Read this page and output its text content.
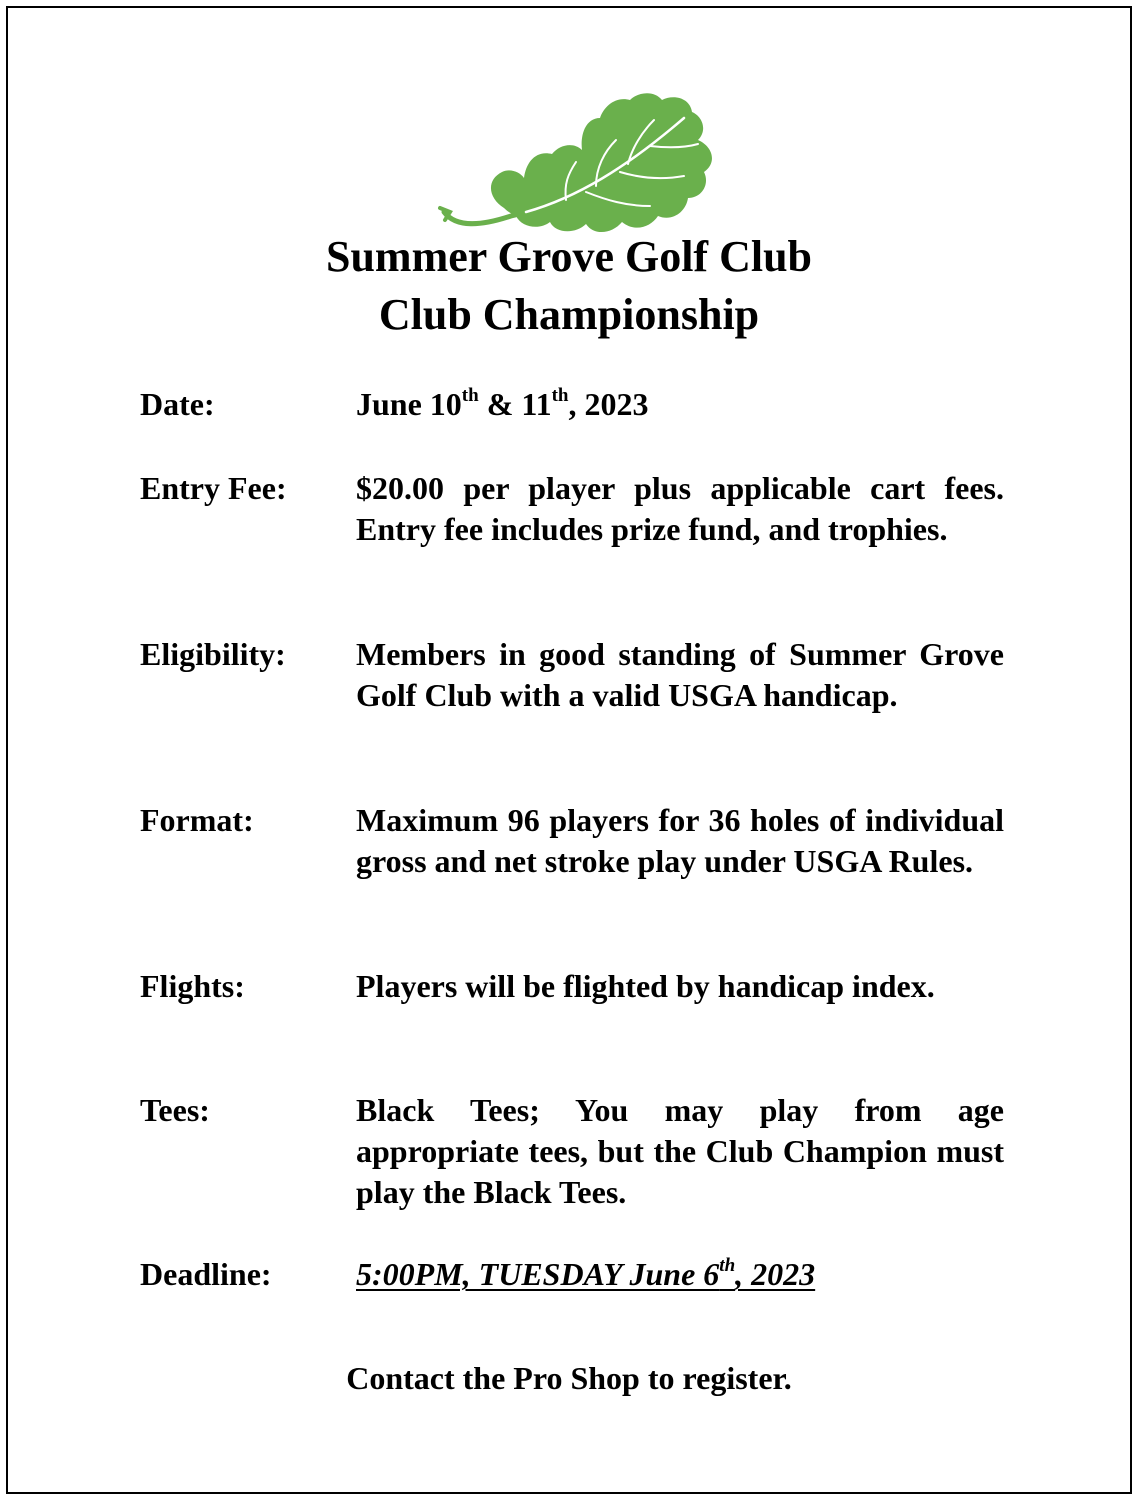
Summer Grove Golf Club
Club Championship
Date:	June 10th & 11th, 2023
Entry Fee:	$20.00 per player plus applicable cart fees. Entry fee includes prize fund, and trophies.
Eligibility:	Members in good standing of Summer Grove Golf Club with a valid USGA handicap.
Format:	Maximum 96 players for 36 holes of individual gross and net stroke play under USGA Rules.
Flights:	Players will be flighted by handicap index.
Tees:	Black Tees; You may play from age appropriate tees, but the Club Champion must play the Black Tees.
Deadline:	5:00PM, TUESDAY June 6th, 2023
Contact the Pro Shop to register.
